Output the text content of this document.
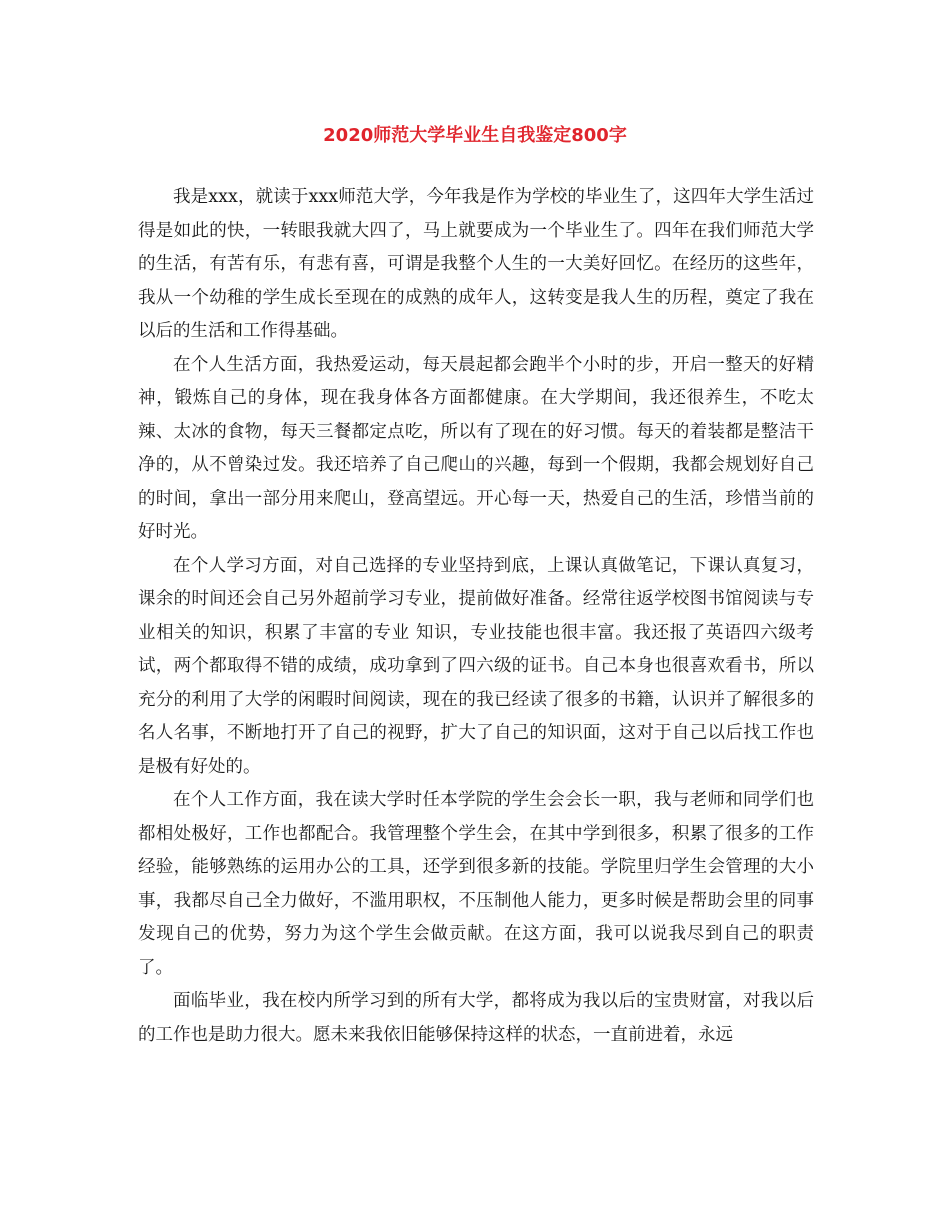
2020师范大学毕业生自我鉴定800字

我是xxx，就读于xxx师范大学，今年我是作为学校的毕业生了，这四年大学生活过得是如此的快，一转眼我就大四了，马上就要成为一个毕业生了。四年在我们师范大学的生活，有苦有乐，有悲有喜，可谓是我整个人生的一大美好回忆。在经历的这些年，我从一个幼稚的学生成长至现在的成熟的成年人，这转变是我人生的历程，奠定了我在以后的生活和工作得基础。

在个人生活方面，我热爱运动，每天晨起都会跑半个小时的步，开启一整天的好精神，锻炼自己的身体，现在我身体各方面都健康。在大学期间，我还很养生，不吃太辣、太冰的食物，每天三餐都定点吃，所以有了现在的好习惯。每天的着装都是整洁干净的，从不曾染过发。我还培养了自己爬山的兴趣，每到一个假期，我都会规划好自己的时间，拿出一部分用来爬山，登高望远。开心每一天，热爱自己的生活，珍惜当前的好时光。

在个人学习方面，对自己选择的专业坚持到底，上课认真做笔记，下课认真复习，课余的时间还会自己另外超前学习专业，提前做好准备。经常往返学校图书馆阅读与专业相关的知识，积累了丰富的专业 知识，专业技能也很丰富。我还报了英语四六级考试，两个都取得不错的成绩，成功拿到了四六级的证书。自己本身也很喜欢看书，所以充分的利用了大学的闲暇时间阅读，现在的我已经读了很多的书籍，认识并了解很多的名人名事，不断地打开了自己的视野，扩大了自己的知识面，这对于自己以后找工作也是极有好处的。

在个人工作方面，我在读大学时任本学院的学生会会长一职，我与老师和同学们也都相处极好，工作也都配合。我管理整个学生会，在其中学到很多，积累了很多的工作经验，能够熟练的运用办公的工具，还学到很多新的技能。学院里归学生会管理的大小事，我都尽自己全力做好，不滥用职权，不压制他人能力，更多时候是帮助会里的同事发现自己的优势，努力为这个学生会做贡献。在这方面，我可以说我尽到自己的职责了。

面临毕业，我在校内所学习到的所有大学，都将成为我以后的宝贵财富，对我以后的工作也是助力很大。愿未来我依旧能够保持这样的状态，一直前进着，永远
